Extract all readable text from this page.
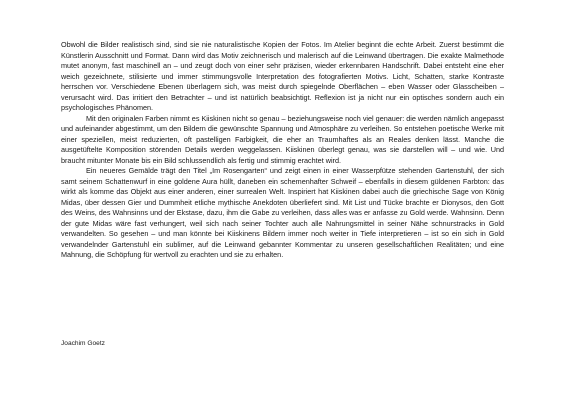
Obwohl die Bilder realistisch sind, sind sie nie naturalistische Kopien der Fotos. Im Atelier beginnt die echte Arbeit. Zuerst bestimmt die Künstlerin Ausschnitt und Format. Dann wird das Motiv zeichnerisch und malerisch auf die Leinwand übertragen. Die exakte Malmethode mutet anonym, fast maschinell an – und zeugt doch von einer sehr präzisen, wieder erkennbaren Handschrift. Dabei entsteht eine eher weich gezeichnete, stilisierte und immer stimmungsvolle Interpretation des fotografierten Motivs. Licht, Schatten, starke Kontraste herrschen vor. Verschiedene Ebenen überlagern sich, was meist durch spiegelnde Oberflächen – eben Wasser oder Glasscheiben – verursacht wird. Das irritiert den Betrachter – und ist natürlich beabsichtigt. Reflexion ist ja nicht nur ein optisches sondern auch ein psychologisches Phänomen.

Mit den originalen Farben nimmt es Kiiskinen nicht so genau – beziehungsweise noch viel genauer: die werden nämlich angepasst und aufeinander abgestimmt, um den Bildern die gewünschte Spannung und Atmosphäre zu verleihen. So entstehen poetische Werke mit einer speziellen, meist reduzierten, oft pastelligen Farbigkeit, die eher an Traumhaftes als an Reales denken lässt. Manche die ausgetüftelte Komposition störenden Details werden weggelassen. Kiiskinen überlegt genau, was sie darstellen will – und wie. Und braucht mitunter Monate bis ein Bild schlussendlich als fertig und stimmig erachtet wird.

Ein neueres Gemälde trägt den Titel „Im Rosengarten“ und zeigt einen in einer Wasserpfütze stehenden Gartenstuhl, der sich samt seinem Schattenwurf in eine goldene Aura hüllt, daneben ein schemenhafter Schweif – ebenfalls in diesem güldenen Farbton: das wirkt als komme das Objekt aus einer anderen, einer surrealen Welt. Inspiriert hat Kiiskinen dabei auch die griechische Sage von König Midas, über dessen Gier und Dummheit etliche mythische Anekdoten überliefert sind. Mit List und Tücke brachte er Dionysos, den Gott des Weins, des Wahnsinns und der Ekstase, dazu, ihm die Gabe zu verleihen, dass alles was er anfasse zu Gold werde. Wahnsinn. Denn der gute Midas wäre fast verhungert, weil sich nach seiner Tochter auch alle Nahrungsmittel in seiner Nähe schnurstracks in Gold verwandelten. So gesehen – und man könnte bei Kiiskinens Bildern immer noch weiter in Tiefe interpretieren – ist so ein sich in Gold verwandelnder Gartenstuhl ein sublimer, auf die Leinwand gebannter Kommentar zu unseren gesellschaftlichen Realitäten; und eine Mahnung, die Schöpfung für wertvoll zu erachten und sie zu erhalten.

Joachim Goetz
